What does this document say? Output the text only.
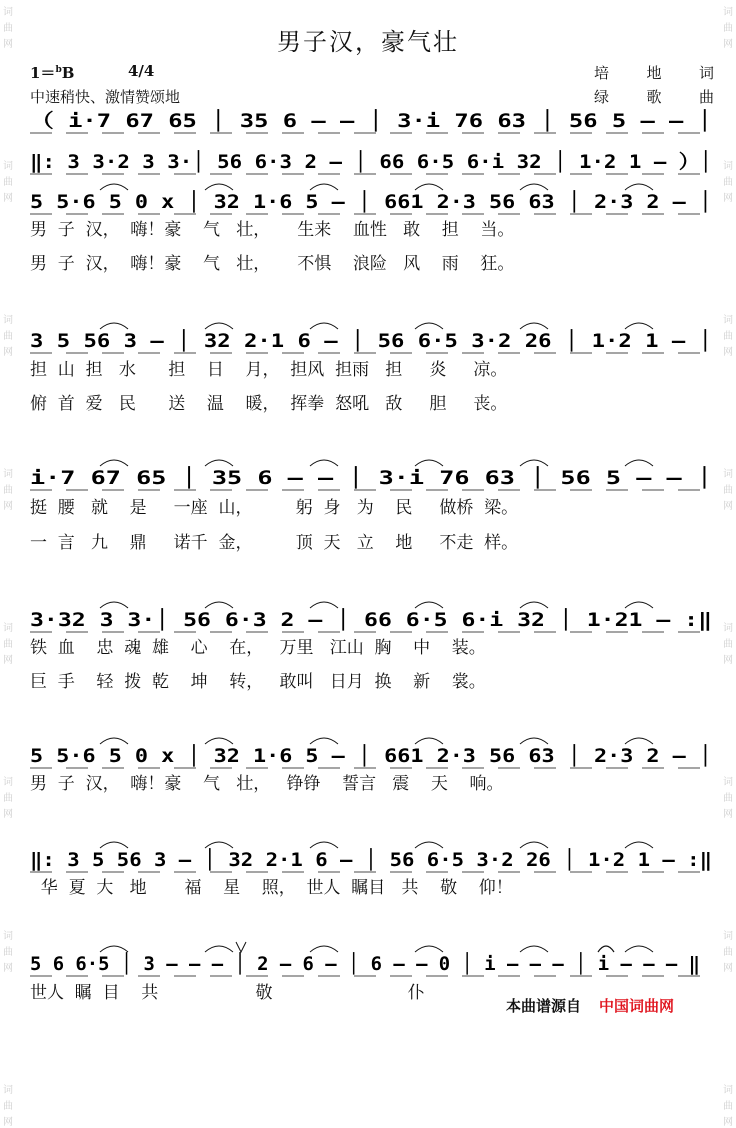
词
曲
网
词
曲
网
词
曲
网
词
曲
网
词
曲
网
词
曲
网
词
曲
网
词
曲
网
词
曲
网
词
曲
网
词
曲
网
词
曲
网
词
曲
网
词
曲
网
词
曲
网
词
曲
网
男子汉，豪气壮
1＝$^b$B	4/4
中速稍快、激情赞颂地
培 地 词
绿 歌 曲
（ i·7 67 65 │ 35 6 – – │ 3·i 76 63 │ 56 5 – – │
‖: 3 3·2 3 3·│ 56 6·3 2 – │ 66 6·5 6·i 32 │ 1·2 1 – ）│
5 5·6 5 0 x │ 32 1·6 5 – │ 661 2·3 56 63 │ 2·3 2 – │
3 5 56 3 – │ 32 2·1 6 – │ 56 6·5 3·2 26 │ 1·2 1 – │
i·7 67 65 │ 35 6 – – │ 3·i 76 63 │ 56 5 – – │
3·32 3 3·│ 56 6·3 2 – │ 66 6·5 6·i 32 │ 1·21 – :‖
5 5·6 5 0 x │ 32 1·6 5 – │ 661 2·3 56 63 │ 2·3 2 – │
‖: 3 5 56 3 – │ 32 2·1 6 – │ 56 6·5 3·2 26 │ 1·2 1 – :‖
5 6 6·5 │ 3 – – – │ 2 – 6 – │ 6 – – 0 │ i – – – │ i – – – ‖
男  子  汉，  嗨！豪    气   壮，     生来    血性   敢    担    当。
男  子  汉，  嗨！豪    气   壮，     不惧    浪险   风    雨    狂。
担  山  担   水      担    日    月，  担风  担雨   担     炎     凉。
俯  首  爱   民      送    温    暖，  挥拳  怒吼   敌     胆     丧。
挺  腰   就    是     一座  山，        躬  身   为    民     做桥  梁。
一  言   九    鼎     诺千  金，        顶  天   立    地     不走  样。
铁  血    忠  魂  雄    心    在，   万里   江山  胸    中    装。
巨  手    轻  拨  乾    坤    转，   敢叫   日月  换    新    裳。
男  子  汉，  嗨！豪    气   壮，   铮铮    誓言   震    天    响。
华  夏  大   地       福    星    照，  世人  瞩目   共    敬    仰！
世人  瞩  目    共                  敬                         仆
本曲谱源自 中国词曲网
